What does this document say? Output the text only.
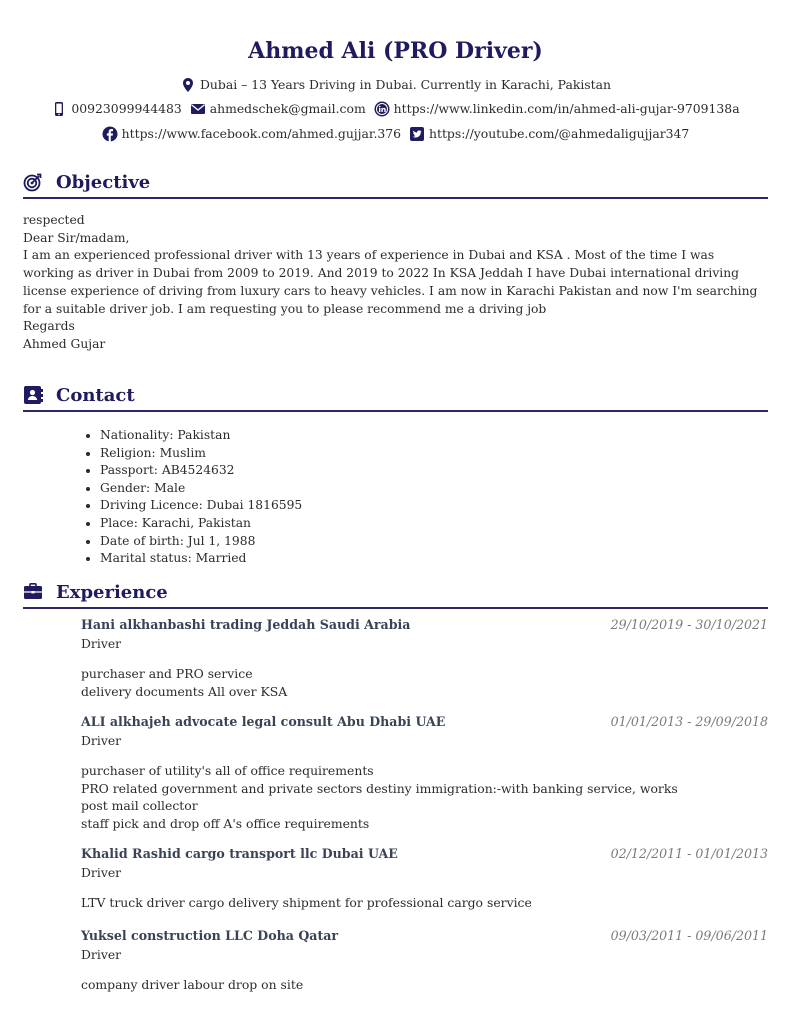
Ahmed Ali (PRO Driver)
Dubai – 13 Years Driving in Dubai. Currently in Karachi, Pakistan
00923099944483
ahmedschek@gmail.com
https://www.linkedin.com/in/ahmed-ali-gujar-9709138a
https://www.facebook.com/ahmed.gujjar.376
https://youtube.com/@ahmedaligujjar347
Objective
respected
Dear Sir/madam,
I am an experienced professional driver with 13 years of experience in Dubai and KSA . Most of the time I was working as driver in Dubai from 2009 to 2019. And 2019 to 2022 In KSA Jeddah I have Dubai international driving license experience of driving from luxury cars to heavy vehicles. I am now in Karachi Pakistan and now I'm searching for a suitable driver job. I am requesting you to please recommend me a driving job
Regards
Ahmed Gujar
Contact
• Nationality: Pakistan
• Religion: Muslim
• Passport: AB4524632
• Gender: Male
• Driving Licence: Dubai 1816595
• Place: Karachi, Pakistan
• Date of birth: Jul 1, 1988
• Marital status: Married
Experience
Hani alkhanbashi trading Jeddah Saudi Arabia	29/10/2019 - 30/10/2021
Driver
purchaser and PRO service
delivery documents All over KSA
ALI alkhajeh advocate legal consult Abu Dhabi UAE	01/01/2013 - 29/09/2018
Driver
purchaser of utility's all of office requirements
PRO related government and private sectors destiny immigration:-with banking service, works
post mail collector
staff pick and drop off A's office requirements
Khalid Rashid cargo transport llc Dubai UAE	02/12/2011 - 01/01/2013
Driver
LTV truck driver cargo delivery shipment for professional cargo service
Yuksel construction LLC Doha Qatar	09/03/2011 - 09/06/2011
Driver
company driver labour drop on site
